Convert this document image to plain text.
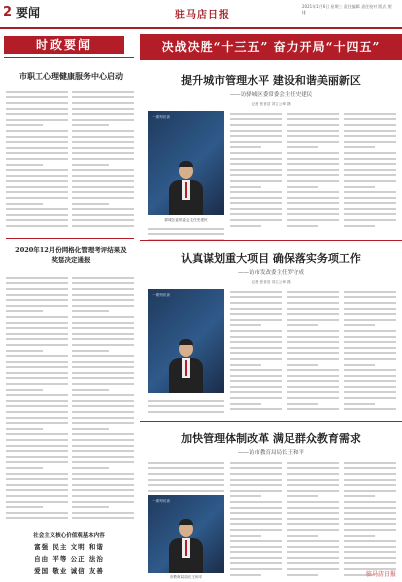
2 要闻	驻马店日报
2021年1月6日 星期三 责任编辑 责任校对 版式 照排
时政要闻
市职工心理健康服务中心启动
2020年12月份网格化管理考评结果及奖惩决定通报
社会主义核心价值观基本内容
富强 民主 文明 和谐
自由 平等 公正 法治
爱国 敬业 诚信 友善
决战决胜“十三五” 奋力开局“十四五”
提升城市管理水平 建设和谐美丽新区
——访驿城区委常委会主任史建民
记者 张晋浩 刘立公章 摄
一系列访谈
驿城区委常委会主任史建民
认真谋划重大项目 确保落实务项工作
——访市发改委主任罗守成
记者 张晋浩 刘立公章 摄
一系列访谈
加快管理体制改革 满足群众教育需求
——访市教育局局长王和平
一系列访谈
市教育局局长王和平	驻马店日报
